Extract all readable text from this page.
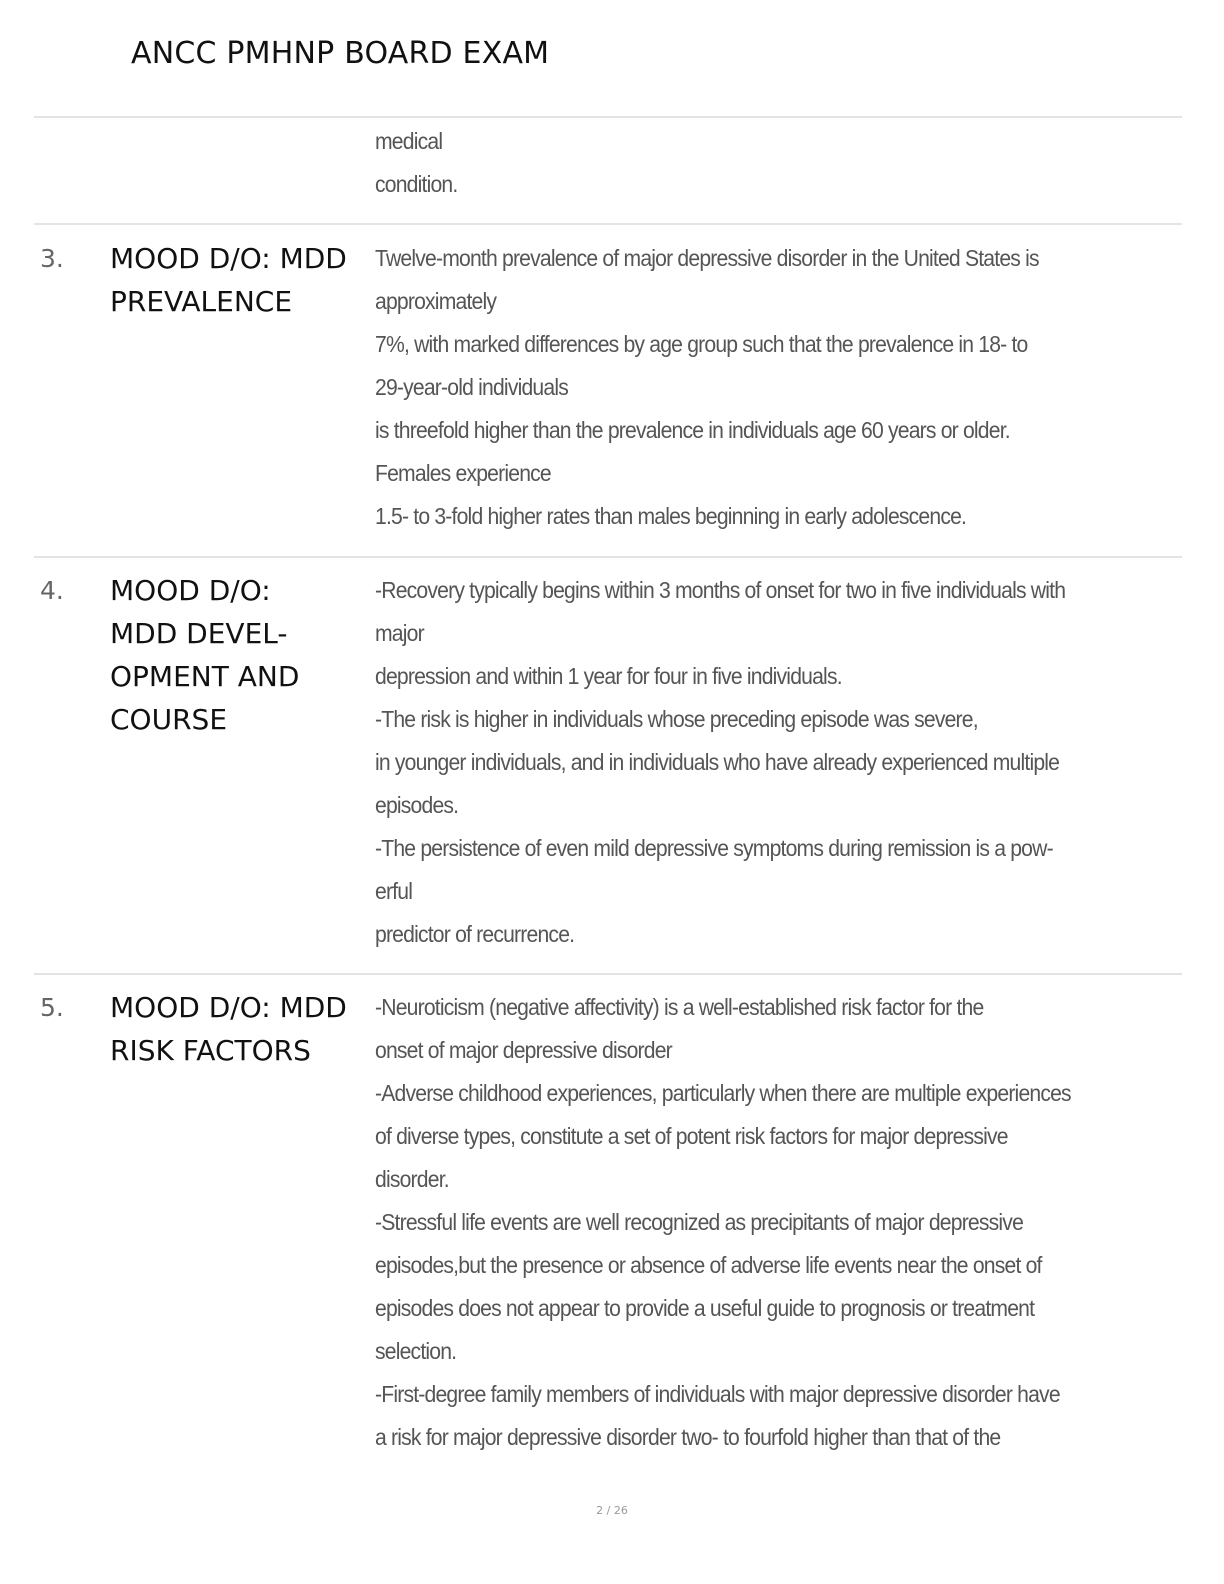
ANCC PMHNP BOARD EXAM
medical
condition.
3. MOOD D/O: MDD
PREVALENCE
Twelve-month prevalence of major depressive disorder in the United States is
approximately
7%, with marked differences by age group such that the prevalence in 18- to
29-year-old individuals
is threefold higher than the prevalence in individuals age 60 years or older.
Females experience
1.5- to 3-fold higher rates than males beginning in early adolescence.
4. MOOD D/O:
MDD DEVEL-
OPMENT AND
COURSE
-Recovery typically begins within 3 months of onset for two in five individuals with
major
depression and within 1 year for four in five individuals.
-The risk is higher in individuals whose preceding episode was severe,
in younger individuals, and in individuals who have already experienced multiple
episodes.
-The persistence of even mild depressive symptoms during remission is a pow-
erful
predictor of recurrence.
5. MOOD D/O: MDD
RISK FACTORS
-Neuroticism (negative affectivity) is a well-established risk factor for the
onset of major depressive disorder
-Adverse childhood experiences, particularly when there are multiple experiences
of diverse types, constitute a set of potent risk factors for major depressive
disorder.
-Stressful life events are well recognized as precipitants of major depressive
episodes,but the presence or absence of adverse life events near the onset of
episodes does not appear to provide a useful guide to prognosis or treatment
selection.
-First-degree family members of individuals with major depressive disorder have
a risk for major depressive disorder two- to fourfold higher than that of the
2 / 26
